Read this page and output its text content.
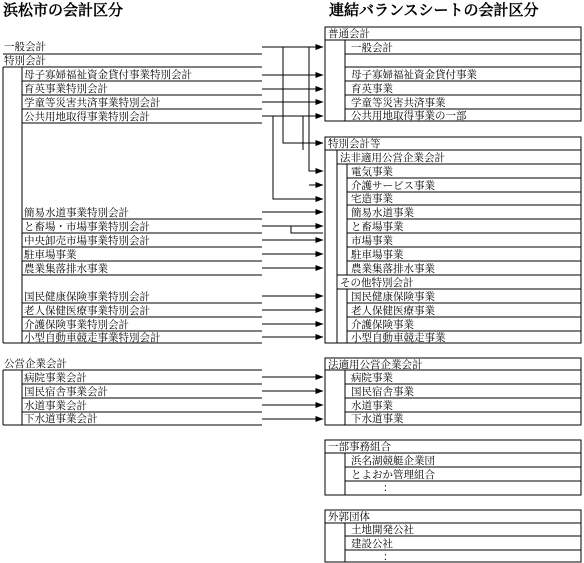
浜松市の会計区分
一般会計
特別会計
母子寡婦福祉資金貸付事業特別会計
育英事業特別会計
学童等災害共済事業特別会計
公共用地取得事業特別会計
簡易水道事業特別会計
と畜場・市場事業特別会計
中央卸売市場事業特別会計
駐車場事業
農業集落排水事業
国民健康保険事業特別会計
老人保健医療事業特別会計
介護保険事業特別会計
小型自動車競走事業特別会計
公営企業会計
病院事業会計
国民宿舎事業会計
水道事業会計
下水道事業会計
連結バランスシートの会計区分
普通会計
一般会計
母子寡婦福祉資金貸付事業
育英事業
学童等災害共済事業
公共用地取得事業の一部
特別会計等
法非適用公営企業会計
電気事業
介護サービス事業
宅造事業
簡易水道事業
と畜場事業
市場事業
駐車場事業
農業集落排水事業
その他特別会計
国民健康保険事業
老人保健医療事業
介護保険事業
小型自動車競走事業
法適用公営企業会計
病院事業
国民宿舎事業
水道事業
下水道事業
一部事務組合
浜名湖競艇企業団
とよおか管理組合
：
外郭団体
土地開発公社
建設公社
：
